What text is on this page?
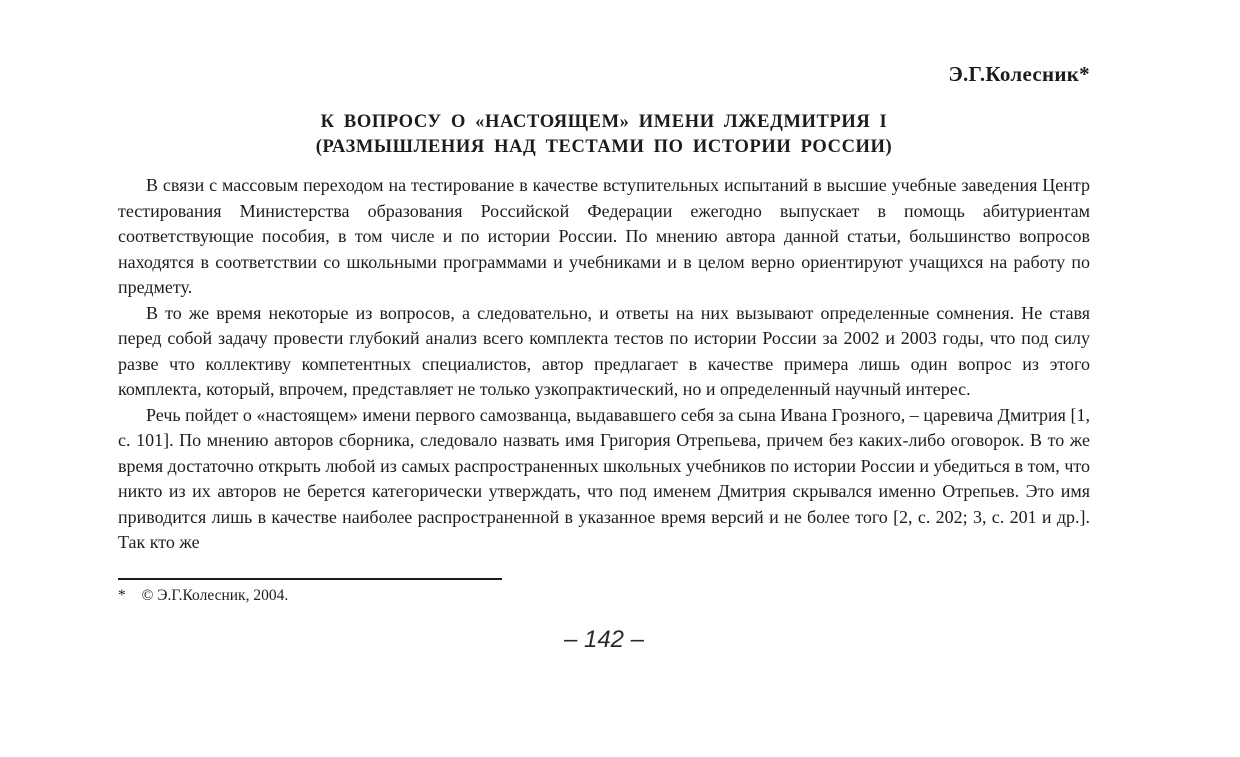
Э.Г.Колесник*
К ВОПРОСУ О «НАСТОЯЩЕМ» ИМЕНИ ЛЖЕДМИТРИЯ I
(РАЗМЫШЛЕНИЯ НАД ТЕСТАМИ ПО ИСТОРИИ РОССИИ)

В связи с массовым переходом на тестирование в качестве вступительных испытаний в высшие учебные заведения Центр тестирования Министерства образования Российской Федерации ежегодно выпускает в помощь абитуриентам соответствующие пособия, в том числе и по истории России. По мнению автора данной статьи, большинство вопросов находятся в соответствии со школьными программами и учебниками и в целом верно ориентируют учащихся на работу по предмету.

В то же время некоторые из вопросов, а следовательно, и ответы на них вызывают определенные сомнения. Не ставя перед собой задачу провести глубокий анализ всего комплекта тестов по истории России за 2002 и 2003 годы, что под силу разве что коллективу компетентных специалистов, автор предлагает в качестве примера лишь один вопрос из этого комплекта, который, впрочем, представляет не только узкопрактический, но и определенный научный интерес.

Речь пойдет о «настоящем» имени первого самозванца, выдававшего себя за сына Ивана Грозного, – царевича Дмитрия [1, с. 101]. По мнению авторов сборника, следовало назвать имя Григория Отрепьева, причем без каких-либо оговорок. В то же время достаточно открыть любой из самых распространенных школьных учебников по истории России и убедиться в том, что никто из их авторов не берется категорически утверждать, что под именем Дмитрия скрывался именно Отрепьев. Это имя приводится лишь в качестве наиболее распространенной в указанное время версий и не более того [2, с. 202; 3, с. 201 и др.]. Так кто же

* © Э.Г.Колесник, 2004.
– 142 –
